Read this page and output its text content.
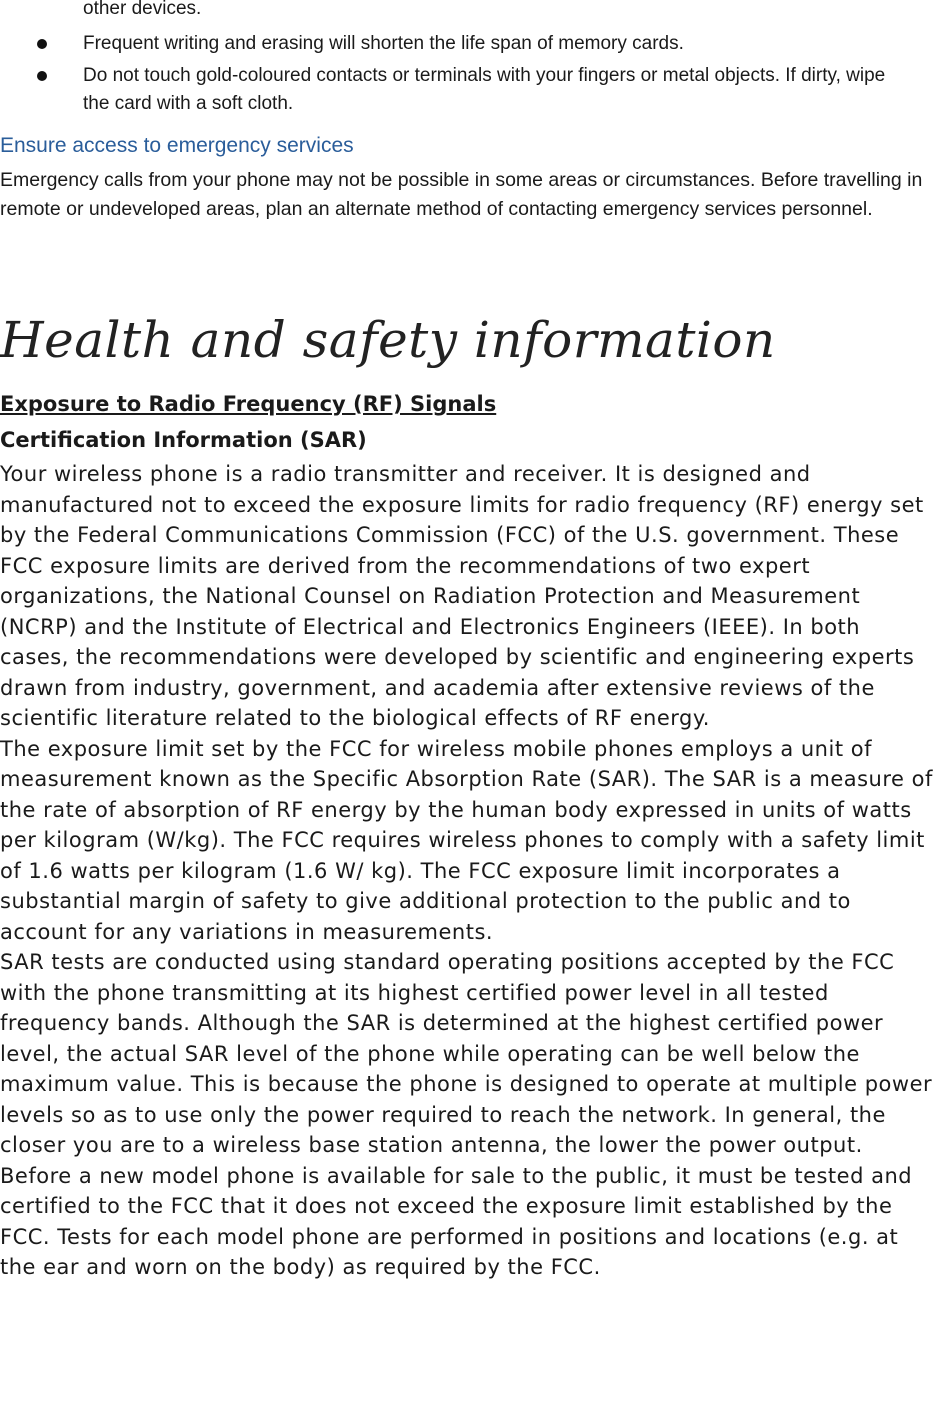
other devices.
Frequent writing and erasing will shorten the life span of memory cards.
Do not touch gold-coloured contacts or terminals with your fingers or metal objects. If dirty, wipe the card with a soft cloth.
Ensure access to emergency services
Emergency calls from your phone may not be possible in some areas or circumstances. Before travelling in remote or undeveloped areas, plan an alternate method of contacting emergency services personnel.
Health and safety information
Exposure to Radio Frequency (RF) Signals
Certification Information (SAR)

Your wireless phone is a radio transmitter and receiver. It is designed and manufactured not to exceed the exposure limits for radio frequency (RF) energy set by the Federal Communications Commission (FCC) of the U.S. government. These FCC exposure limits are derived from the recommendations of two expert organizations, the National Counsel on Radiation Protection and Measurement (NCRP) and the Institute of Electrical and Electronics Engineers (IEEE). In both cases, the recommendations were developed by scientific and engineering experts drawn from industry, government, and academia after extensive reviews of the scientific literature related to the biological effects of RF energy.

The exposure limit set by the FCC for wireless mobile phones employs a unit of measurement known as the Specific Absorption Rate (SAR). The SAR is a measure of the rate of absorption of RF energy by the human body expressed in units of watts per kilogram (W/kg). The FCC requires wireless phones to comply with a safety limit of 1.6 watts per kilogram (1.6 W/ kg). The FCC exposure limit incorporates a substantial margin of safety to give additional protection to the public and to account for any variations in measurements.

SAR tests are conducted using standard operating positions accepted by the FCC with the phone transmitting at its highest certified power level in all tested frequency bands. Although the SAR is determined at the highest certified power level, the actual SAR level of the phone while operating can be well below the maximum value. This is because the phone is designed to operate at multiple power levels so as to use only the power required to reach the network. In general, the closer you are to a wireless base station antenna, the lower the power output.

Before a new model phone is available for sale to the public, it must be tested and certified to the FCC that it does not exceed the exposure limit established by the FCC. Tests for each model phone are performed in positions and locations (e.g. at the ear and worn on the body) as required by the FCC.
